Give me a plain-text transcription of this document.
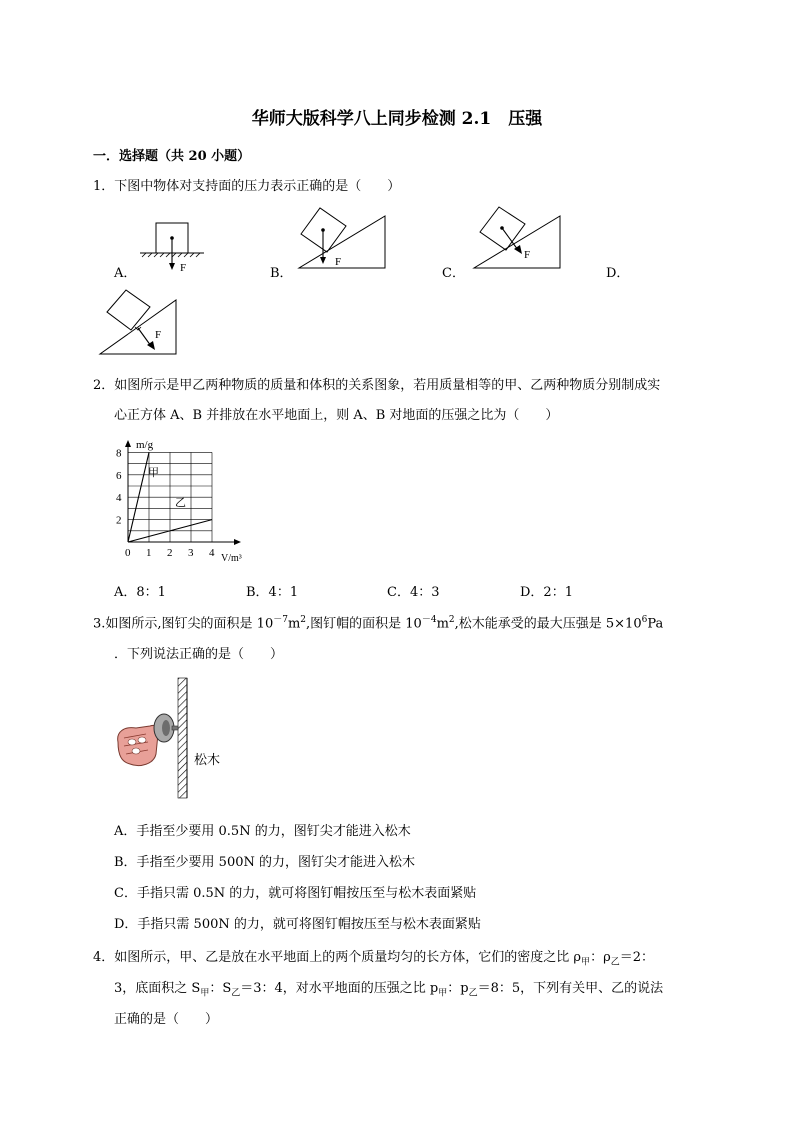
华师大版科学八上同步检测 2.1　压强
一．选择题（共 20 小题）
1．下图中物体对支持面的压力表示正确的是（　　）
A．	B．	C．	D．
F	F
F
F
2．如图所示是甲乙两种物质的质量和体积的关系图象，若用质量相等的甲、乙两种物质分别制成实
心正方体 A、B 并排放在水平地面上，则 A、B 对地面的压强之比为（　　）
0 1 2 3 4
2
4
6
8
m/g
V/m³
甲
乙
A．8：1	B．4：1	C．4：3	D．2：1
3.如图所示,图钉尖的面积是 $10^{-7}m^2$,图钉帽的面积是 $10^{-4}m^2$,松木能承受的最大压强是 $5\times 10^6Pa$
．下列说法正确的是（　　）
松木
A．手指至少要用 0.5N 的力，图钉尖才能进入松木
B．手指至少要用 500N 的力，图钉尖才能进入松木
C．手指只需 0.5N 的力，就可将图钉帽按压至与松木表面紧贴
D．手指只需 500N 的力，就可将图钉帽按压至与松木表面紧贴
4．如图所示，甲、乙是放在水平地面上的两个质量均匀的长方体，它们的密度之比 $\rho_甲$：$\rho_乙=2$：
3，底面积之 $S_甲$：$S_乙=3$：4，对水平地面的压强之比 $p_甲$：$p_乙=8$：5，下列有关甲、乙的说法
正确的是（　　）
